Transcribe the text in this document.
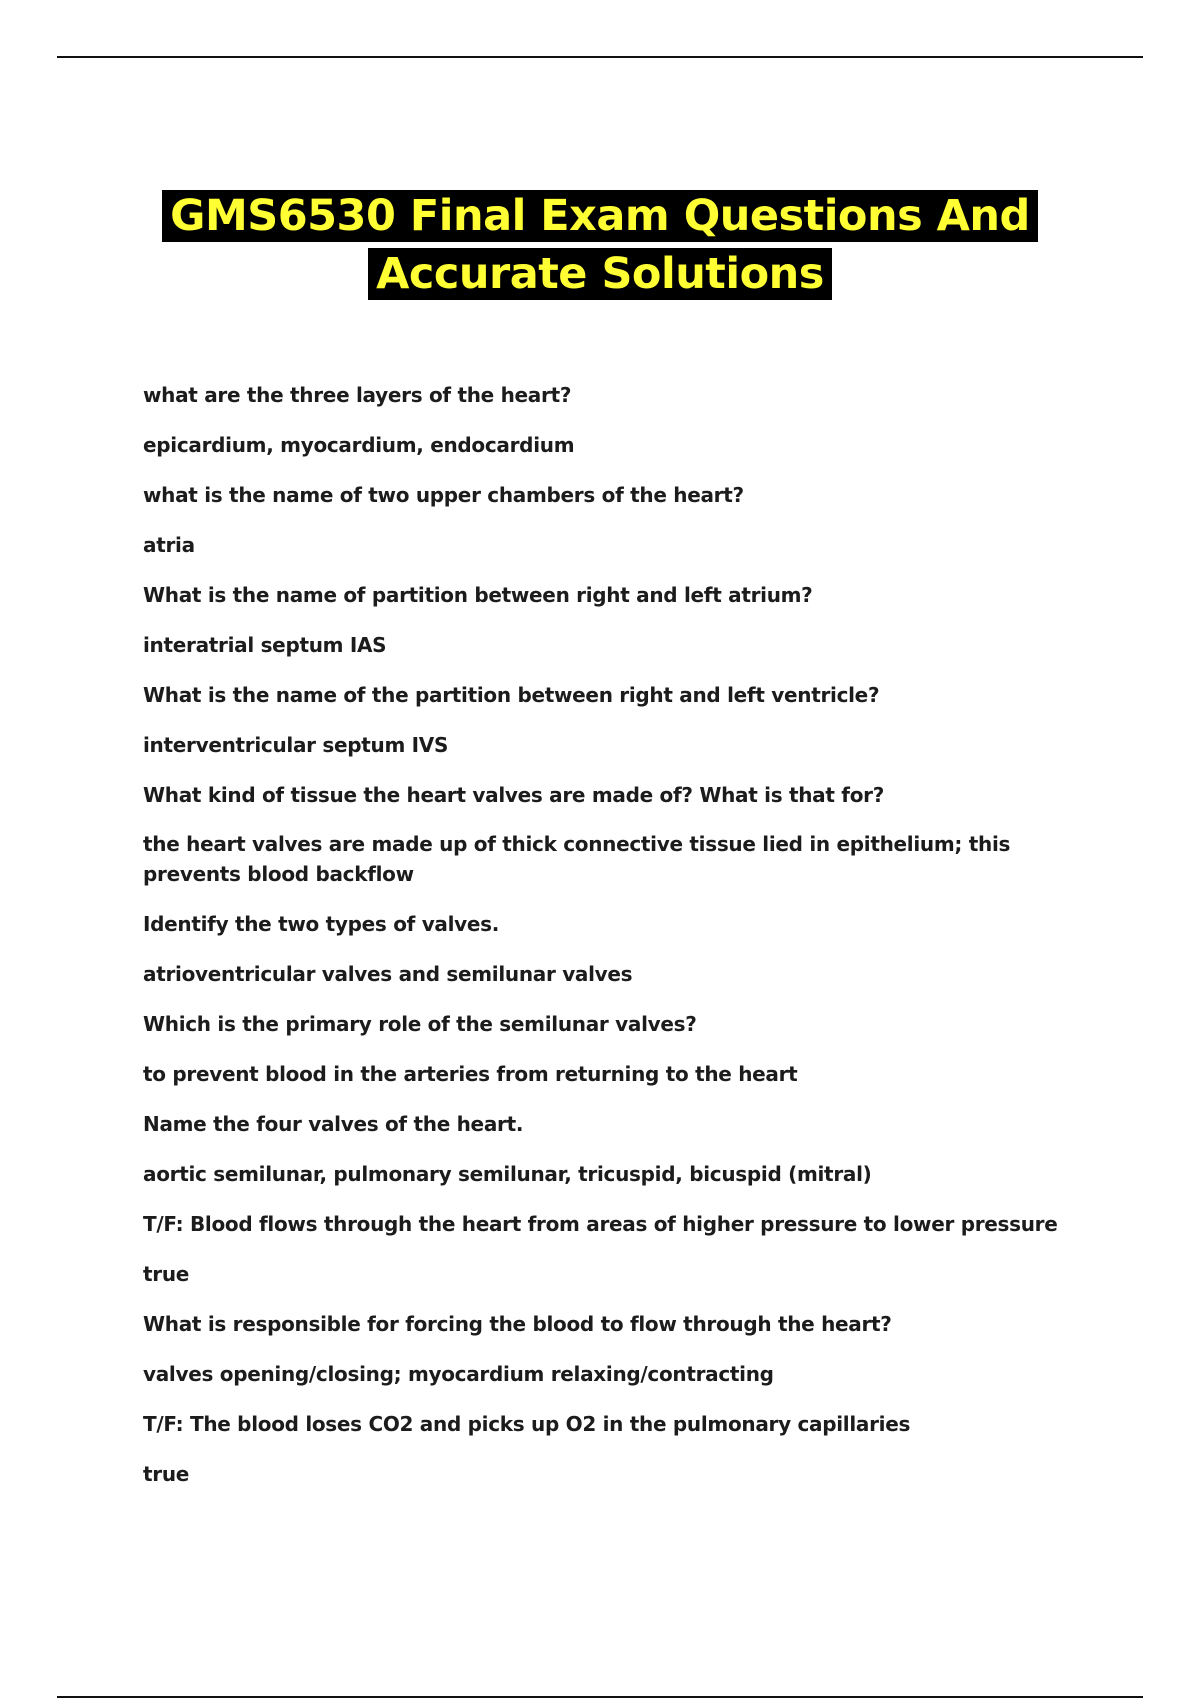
GMS6530 Final Exam Questions And
Accurate Solutions
what are the three layers of the heart?
epicardium, myocardium, endocardium
what is the name of two upper chambers of the heart?
atria
What is the name of partition between right and left atrium?
interatrial septum IAS
What is the name of the partition between right and left ventricle?
interventricular septum IVS
What kind of tissue the heart valves are made of? What is that for?
the heart valves are made up of thick connective tissue lied in epithelium; this prevents blood backflow
Identify the two types of valves.
atrioventricular valves and semilunar valves
Which is the primary role of the semilunar valves?
to prevent blood in the arteries from returning to the heart
Name the four valves of the heart.
aortic semilunar, pulmonary semilunar, tricuspid, bicuspid (mitral)
T/F: Blood flows through the heart from areas of higher pressure to lower pressure
true
What is responsible for forcing the blood to flow through the heart?
valves opening/closing; myocardium relaxing/contracting
T/F: The blood loses CO2 and picks up O2 in the pulmonary capillaries
true
